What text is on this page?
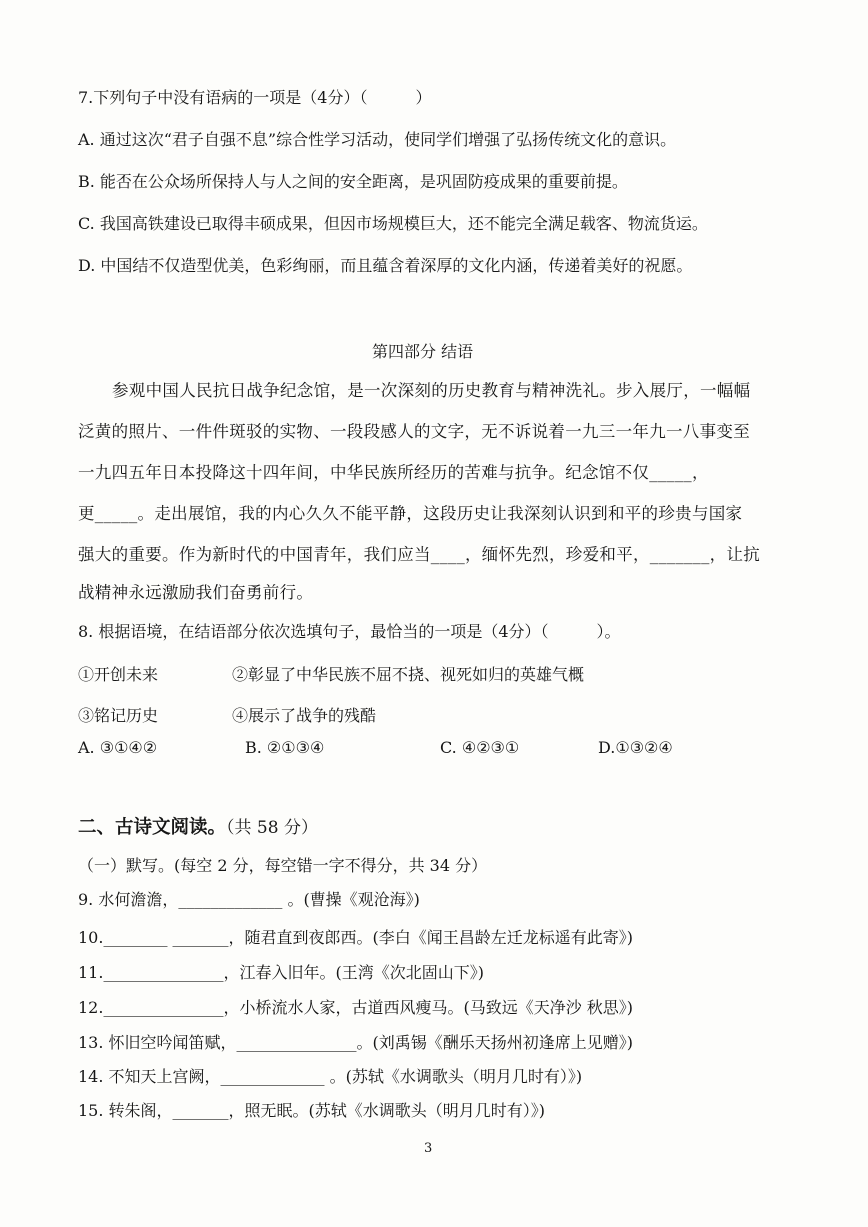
7.下列句子中没有语病的一项是（4分）（　　　）
A. 通过这次“君子自强不息”综合性学习活动，使同学们增强了弘扬传统文化的意识。
B. 能否在公众场所保持人与人之间的安全距离，是巩固防疫成果的重要前提。
C. 我国高铁建设已取得丰硕成果，但因市场规模巨大，还不能完全满足载客、物流货运。
D. 中国结不仅造型优美，色彩绚丽，而且蕴含着深厚的文化内涵，传递着美好的祝愿。
第四部分 结语
参观中国人民抗日战争纪念馆，是一次深刻的历史教育与精神洗礼。步入展厅，一幅幅
泛黄的照片、一件件斑驳的实物、一段段感人的文字，无不诉说着一九三一年九一八事变至
一九四五年日本投降这十四年间，中华民族所经历的苦难与抗争。纪念馆不仅_____，
更_____。走出展馆，我的内心久久不能平静，这段历史让我深刻认识到和平的珍贵与国家
强大的重要。作为新时代的中国青年，我们应当____，缅怀先烈，珍爱和平，_______，让抗
战精神永远激励我们奋勇前行。
8. 根据语境，在结语部分依次选填句子，最恰当的一项是（4分）（　　　）。
①开创未来	②彰显了中华民族不屈不挠、视死如归的英雄气概
③铭记历史	④展示了战争的残酷
A. ③①④②	B. ②①③④	C. ④②③①	D.①③②④
二、古诗文阅读。（共 58 分）
（一）默写。(每空 2 分，每空错一字不得分，共 34 分）
9. 水何澹澹，_____________ 。(曹操《观沧海》)
10.________ _______，随君直到夜郎西。(李白《闻王昌龄左迁龙标遥有此寄》)
11._______________，江春入旧年。(王湾《次北固山下》)
12._______________，小桥流水人家，古道西风瘦马。(马致远《天净沙 秋思》)
13. 怀旧空吟闻笛赋，_______________。(刘禹锡《酬乐天扬州初逢席上见赠》)
14. 不知天上宫阙，_____________ 。(苏轼《水调歌头（明月几时有）》)
15. 转朱阁，_______，照无眠。(苏轼《水调歌头（明月几时有）》)
3
